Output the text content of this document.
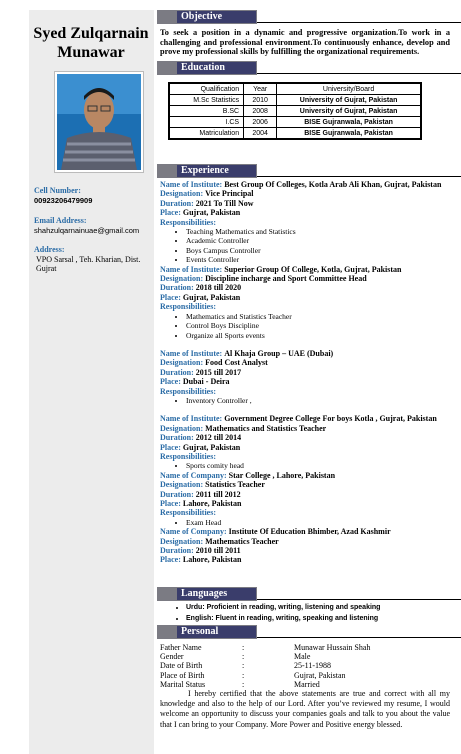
Syed Zulqarnain Munawar
Cell Number:
00923206479909
Email Address:
shahzulqarnainuae@gmail.com
Address:
VPO Sarsal , Teh. Kharian, Dist. Gujrat
Objective
To seek a position in a dynamic and progressive organization.To work in a challenging and professional environment.To continuously enhance, develop and prove my professional skills by fulfilling the organizational requirements.
Education
Qualification	Year	University/Board
M.Sc Statistics	2010	University of Gujrat, Pakistan
B.SC	2008	University of Gujrat, Pakistan
I.CS	2006	BISE Gujranwala, Pakistan
Matriculation	2004	BISE Gujranwala, Pakistan
Experience
Name of Institute: Best Group Of Colleges, Kotla Arab Ali Khan, Gujrat, Pakistan
Designation: Vice Principal
Duration: 2021 To Till Now
Place: Gujrat, Pakistan
Responsibilities:
• Teaching Mathematics and Statistics
• Academic Controller
• Boys Campus Controller
• Events Controller
Name of Institute: Superior Group Of College, Kotla, Gujrat, Pakistan
Designation: Discipline incharge and Sport Committee Head
Duration: 2018 till 2020
Place: Gujrat, Pakistan
Responsibilities:
• Mathematics and Statistics Teacher
• Control Boys Discipline
• Organize all Sports events
Name of Institute: Al Khaja Group – UAE (Dubai)
Designation: Food Cost Analyst
Duration: 2015 till 2017
Place: Dubai - Deira
Responsibilities:
• Inventory Controller ,
Name of Institute: Government Degree College For boys Kotla , Gujrat, Pakistan
Designation: Mathematics and Statistics Teacher
Duration: 2012 till 2014
Place: Gujrat, Pakistan
Responsibilities:
• Sports comity head
Name of Company: Star College , Lahore, Pakistan
Designation: Statistics Teacher
Duration: 2011 till 2012
Place: Lahore, Pakistan
Responsibilities:
• Exam Head
Name of Company: Institute Of Education Bhimber, Azad Kashmir
Designation: Mathematics Teacher
Duration: 2010 till 2011
Place: Lahore, Pakistan
Languages
• Urdu: Proficient in reading, writing, listening and speaking
• English: Fluent in reading, writing, speaking and listening
Personal
Father Name	:	Munawar Hussain Shah
Gender	:	Male
Date of Birth	:	25-11-1988
Place of Birth	:	Gujrat, Pakistan
Marital Status	:	Married
I hereby certified that the above statements are true and correct with all my knowledge and also to the help of our Lord. After you’ve reviewed my resume, I would welcome an opportunity to discuss your companies goals and talk to you about the value that I can bring to your Company. More Power and Positive energy blessed.
